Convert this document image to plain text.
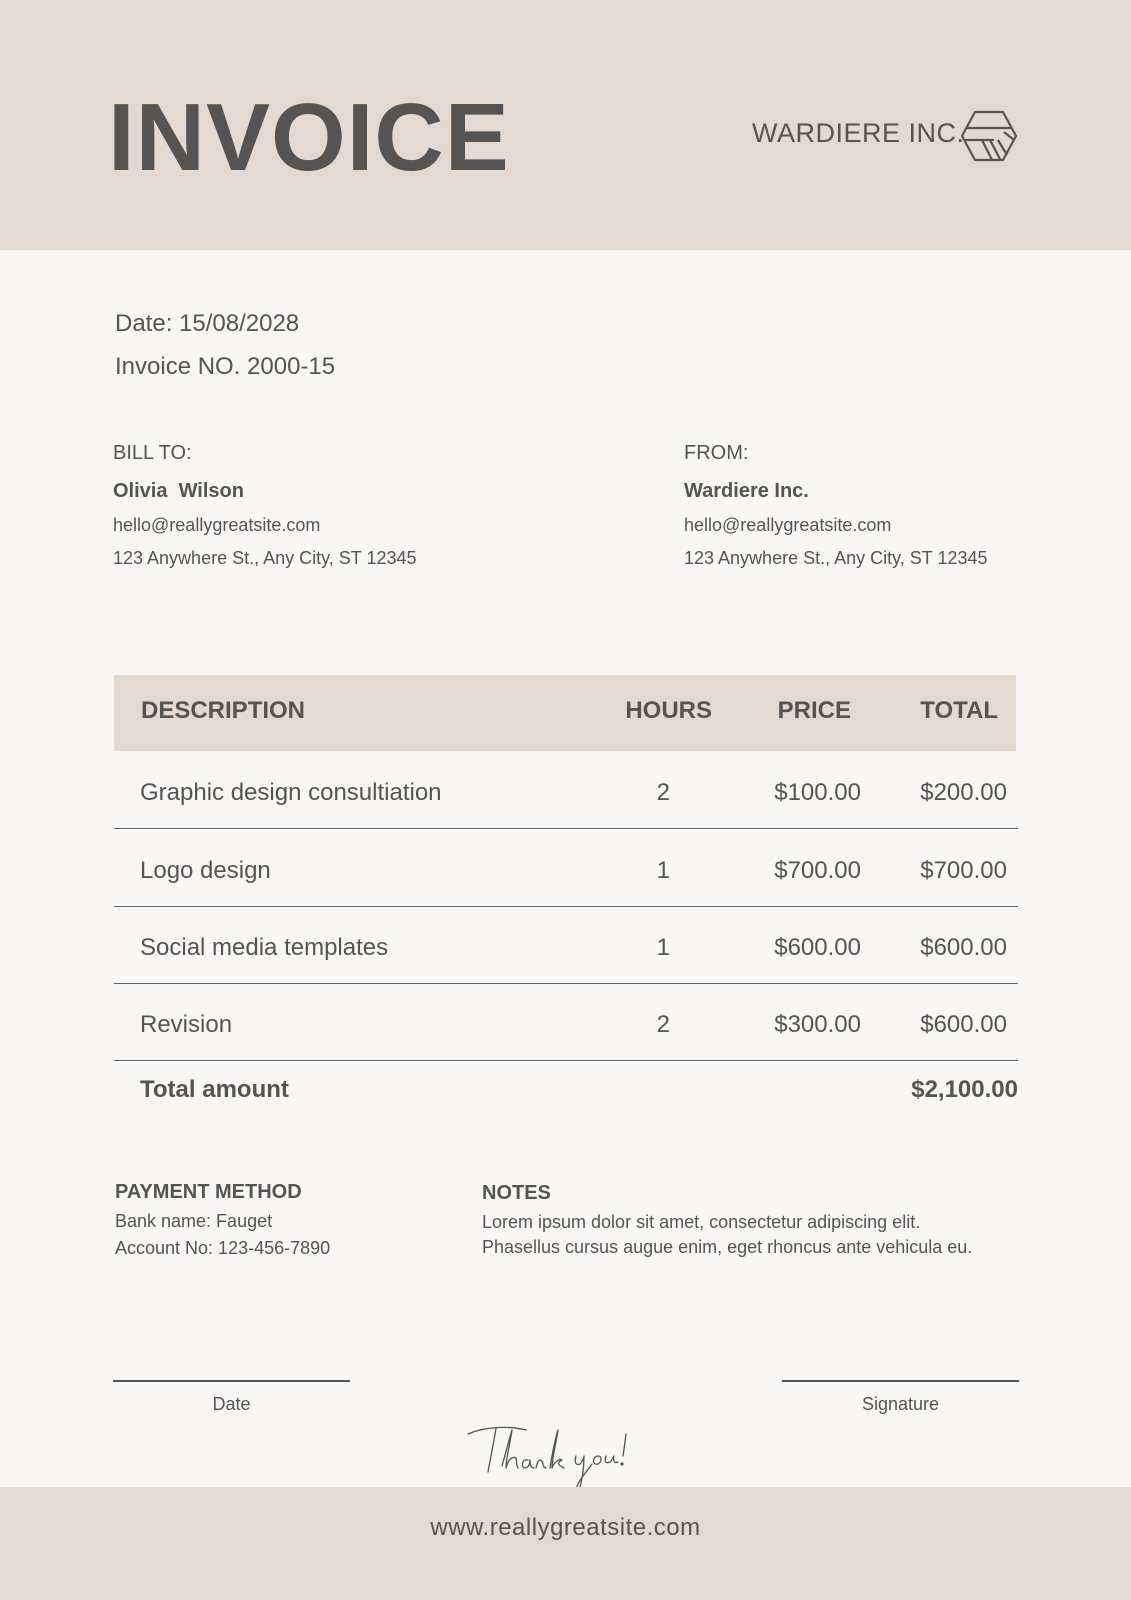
INVOICE	WARDIERE INC.
Date: 15/08/2028
Invoice NO. 2000-15
BILL TO:
Olivia  Wilson
hello@reallygreatsite.com
123 Anywhere St., Any City, ST 12345
FROM:
Wardiere Inc.
hello@reallygreatsite.com
123 Anywhere St., Any City, ST 12345
DESCRIPTION	HOURS	PRICE	TOTAL
Graphic design consultiation	2	$100.00	$200.00
Logo design	1	$700.00	$700.00
Social media templates	1	$600.00	$600.00
Revision	2	$300.00	$600.00
Total amount	$2,100.00
PAYMENT METHOD
Bank name: Fauget
Account No: 123-456-7890
NOTES
Lorem ipsum dolor sit amet, consectetur adipiscing elit.
Phasellus cursus augue enim, eget rhoncus ante vehicula eu.
Date	Signature
www.reallygreatsite.com
